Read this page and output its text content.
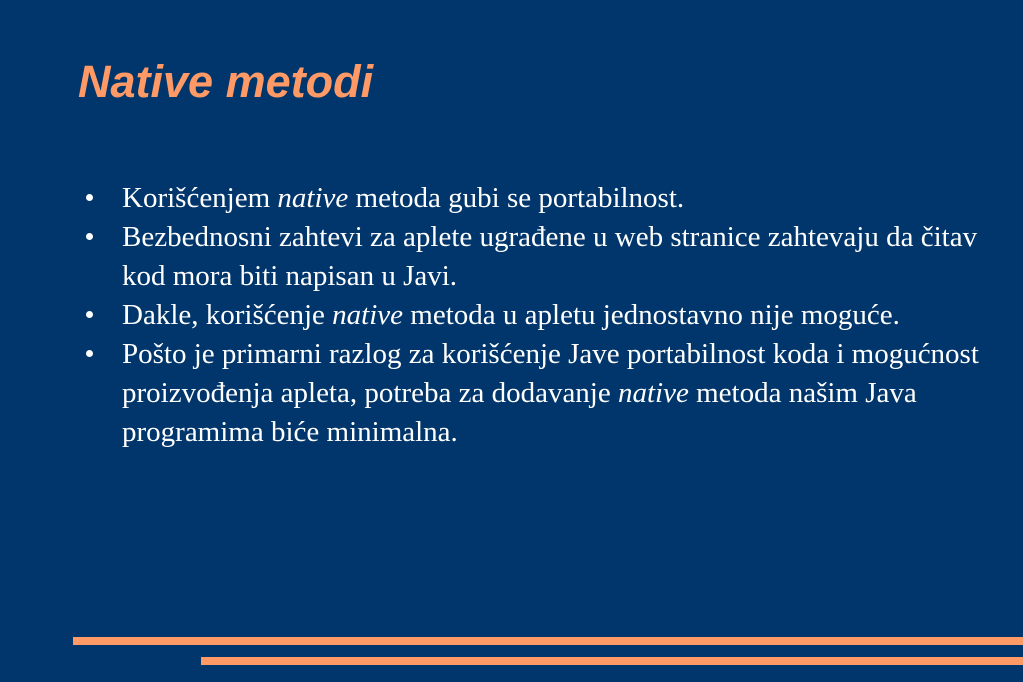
Native metodi
Korišćenjem native metoda gubi se portabilnost.
Bezbednosni zahtevi za aplete ugrađene u web stranice zahtevaju da čitav kod mora biti napisan u Javi.
Dakle, korišćenje native metoda u apletu jednostavno nije moguće.
Pošto je primarni razlog za korišćenje Jave portabilnost koda i mogućnost proizvođenja apleta, potreba za dodavanje native metoda našim Java programima biće minimalna.
